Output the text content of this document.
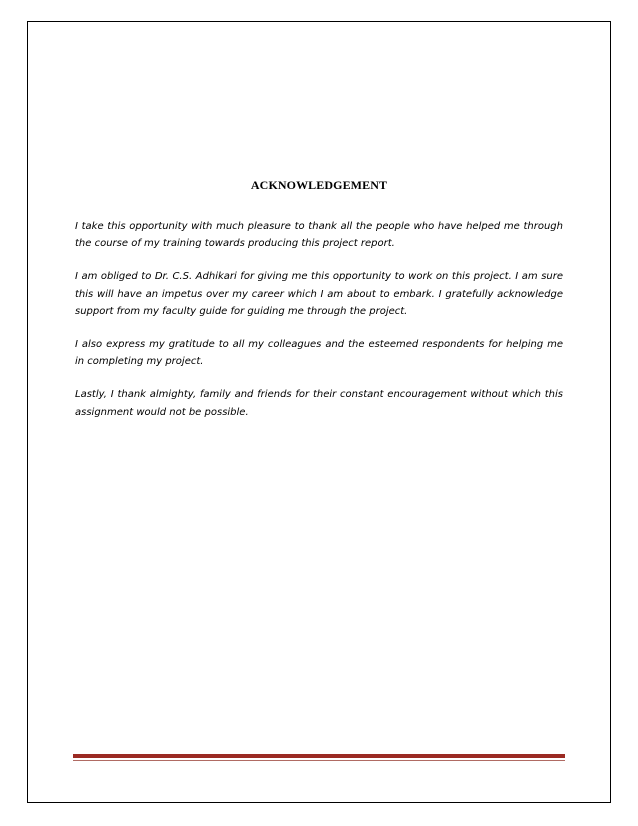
ACKNOWLEDGEMENT

I take this opportunity with much pleasure to thank all the people who have helped me through the course of my training towards producing this project report.

I am obliged to Dr. C.S. Adhikari for giving me this opportunity to work on this project. I am sure this will have an impetus over my career which I am about to embark. I gratefully acknowledge support from my faculty guide for guiding me through the project.

I also express my gratitude to all my colleagues and the esteemed respondents for helping me in completing my project.

Lastly, I thank almighty, family and friends for their constant encouragement without which this assignment would not be possible.
